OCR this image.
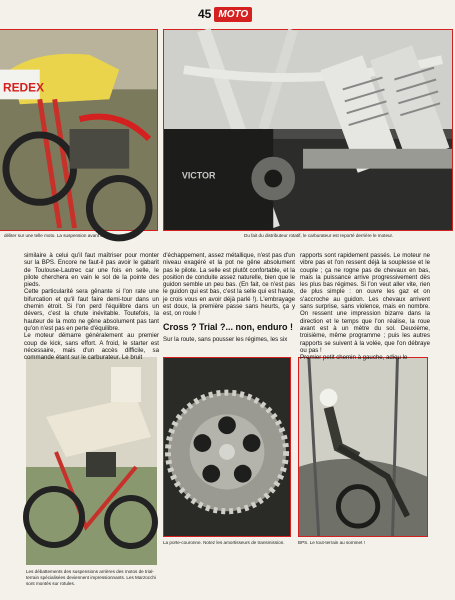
45 MOTO
REDEX
VICTOR
déliter sur une telle moto. La suspension avant est un peu sèche.	Du fait du distributeur rotatif, le carburateur est reporté derrière le moteur.
Les débattements des suspensions arrières des motos de trial-terrain spécialisées deviennent impressionnants. Les Marzocchi sont montés sur rotules.
La porte-couronne. Notez les amortisseurs de transmission.	BPS. Le tout-terrain au sommet !

similaire à celui qu'il faut maîtriser pour monter sur la BPS. Encore ne faut-il pas avoir le gabarit de Toulouse-Lautrec car une fois en selle, le pilote cherchera en vain le sol de la pointe des pieds.

Cette particularité sera gênante si l'on rate une bifurcation et qu'il faut faire demi-tour dans un chemin étroit. Si l'on perd l'équilibre dans un dévers, c'est la chute inévitable. Toutefois, la hauteur de la moto ne gêne absolument pas tant qu'on n'est pas en perte d'équilibre.

Le moteur démarre généralement au premier coup de kick, sans effort. A froid, le starter est nécessaire, mais d'un accès difficile, sa commande étant sur le carburateur. Le bruit

d'échappement, assez métallique, n'est pas d'un niveau exagéré et la pot ne gêne absolument pas le pilote. La selle est plutôt confortable, et la position de conduite assez naturelle, bien que le guidon semble un peu bas. (En fait, ce n'est pas le guidon qui est bas, c'est la selle qui est haute, je crois vous en avoir déjà parlé !). L'embrayage est doux, la première passe sans heurts, ça y est, on roule !

Cross ? Trial ?... non, enduro !
Sur la route, sans pousser les régimes, les six

rapports sont rapidement passés. Le moteur ne vibre pas et l'on ressent déjà la souplesse et le couple ; ça ne rogne pas de chevaux en bas, mais la puissance arrive progressivement dès les plus bas régimes. Si l'on veut aller vite, rien de plus simple : on ouvre les gaz et on s'accroche au guidon. Les chevaux arrivent sans surprise, sans violence, mais en nombre. On ressent une impression bizarre dans la direction et le temps que l'on réalise, la roue avant est à un mètre du sol. Deuxième, troisième, même programme ; puis les autres rapports se suivent à la volée, que l'on débraye ou pas !

Premier petit chemin à gauche, adieu le
